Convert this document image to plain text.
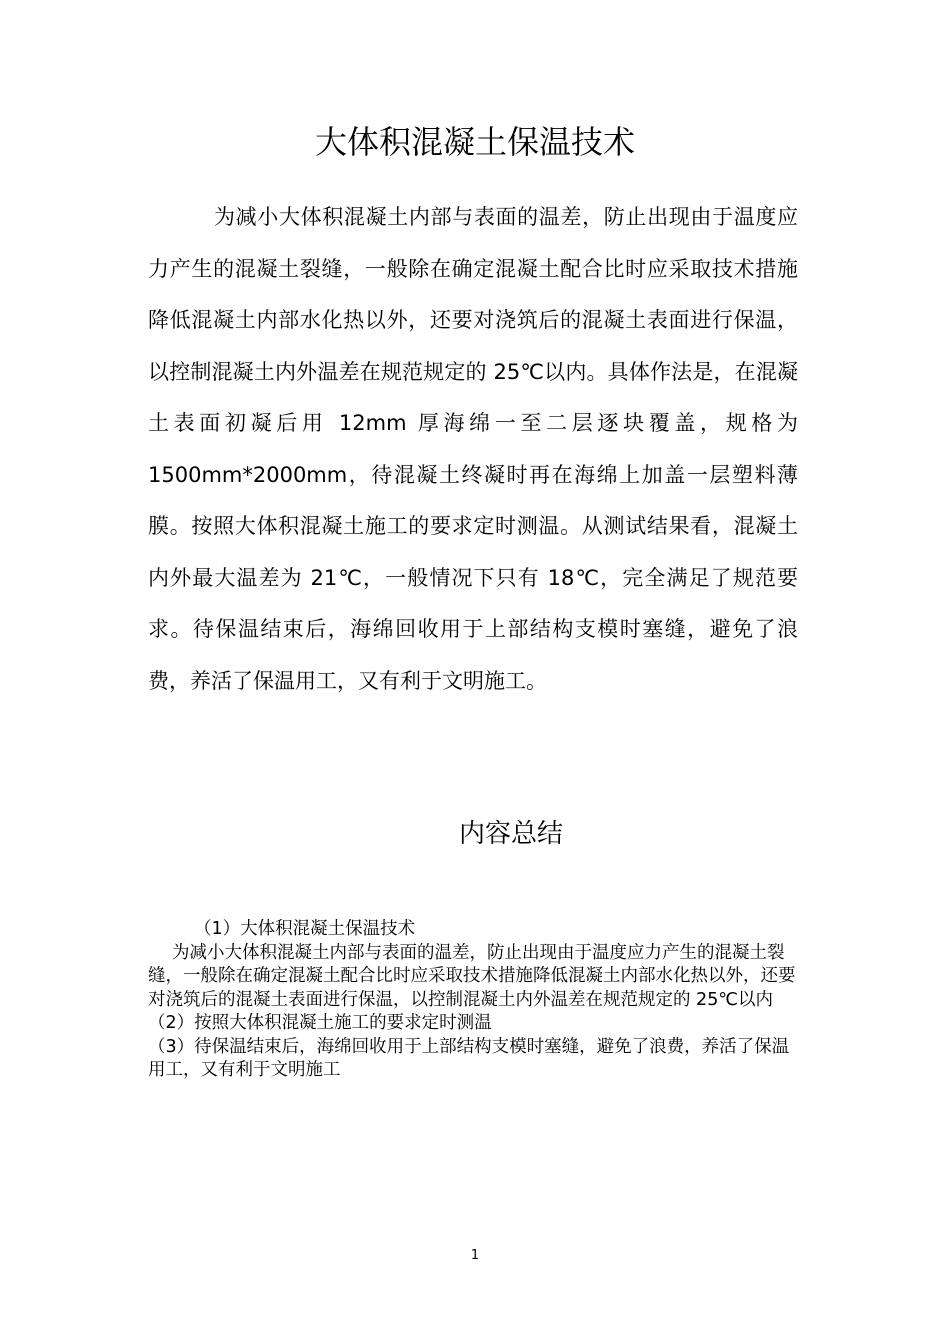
大体积混凝土保温技术

为减小大体积混凝土内部与表面的温差，防止出现由于温度应力产生的混凝土裂缝，一般除在确定混凝土配合比时应采取技术措施降低混凝土内部水化热以外，还要对浇筑后的混凝土表面进行保温，以控制混凝土内外温差在规范规定的 25℃以内。具体作法是，在混凝土表面初凝后用 12mm 厚海绵一至二层逐块覆盖，规格为 1500mm*2000mm，待混凝土终凝时再在海绵上加盖一层塑料薄膜。按照大体积混凝土施工的要求定时测温。从测试结果看，混凝土内外最大温差为 21℃，一般情况下只有 18℃，完全满足了规范要求。待保温结束后，海绵回收用于上部结构支模时塞缝，避免了浪费，养活了保温用工，又有利于文明施工。

内容总结

（1）大体积混凝土保温技术

为减小大体积混凝土内部与表面的温差，防止出现由于温度应力产生的混凝土裂缝，一般除在确定混凝土配合比时应采取技术措施降低混凝土内部水化热以外，还要对浇筑后的混凝土表面进行保温，以控制混凝土内外温差在规范规定的 25℃以内

（2）按照大体积混凝土施工的要求定时测温

（3）待保温结束后，海绵回收用于上部结构支模时塞缝，避免了浪费，养活了保温用工，又有利于文明施工

1
